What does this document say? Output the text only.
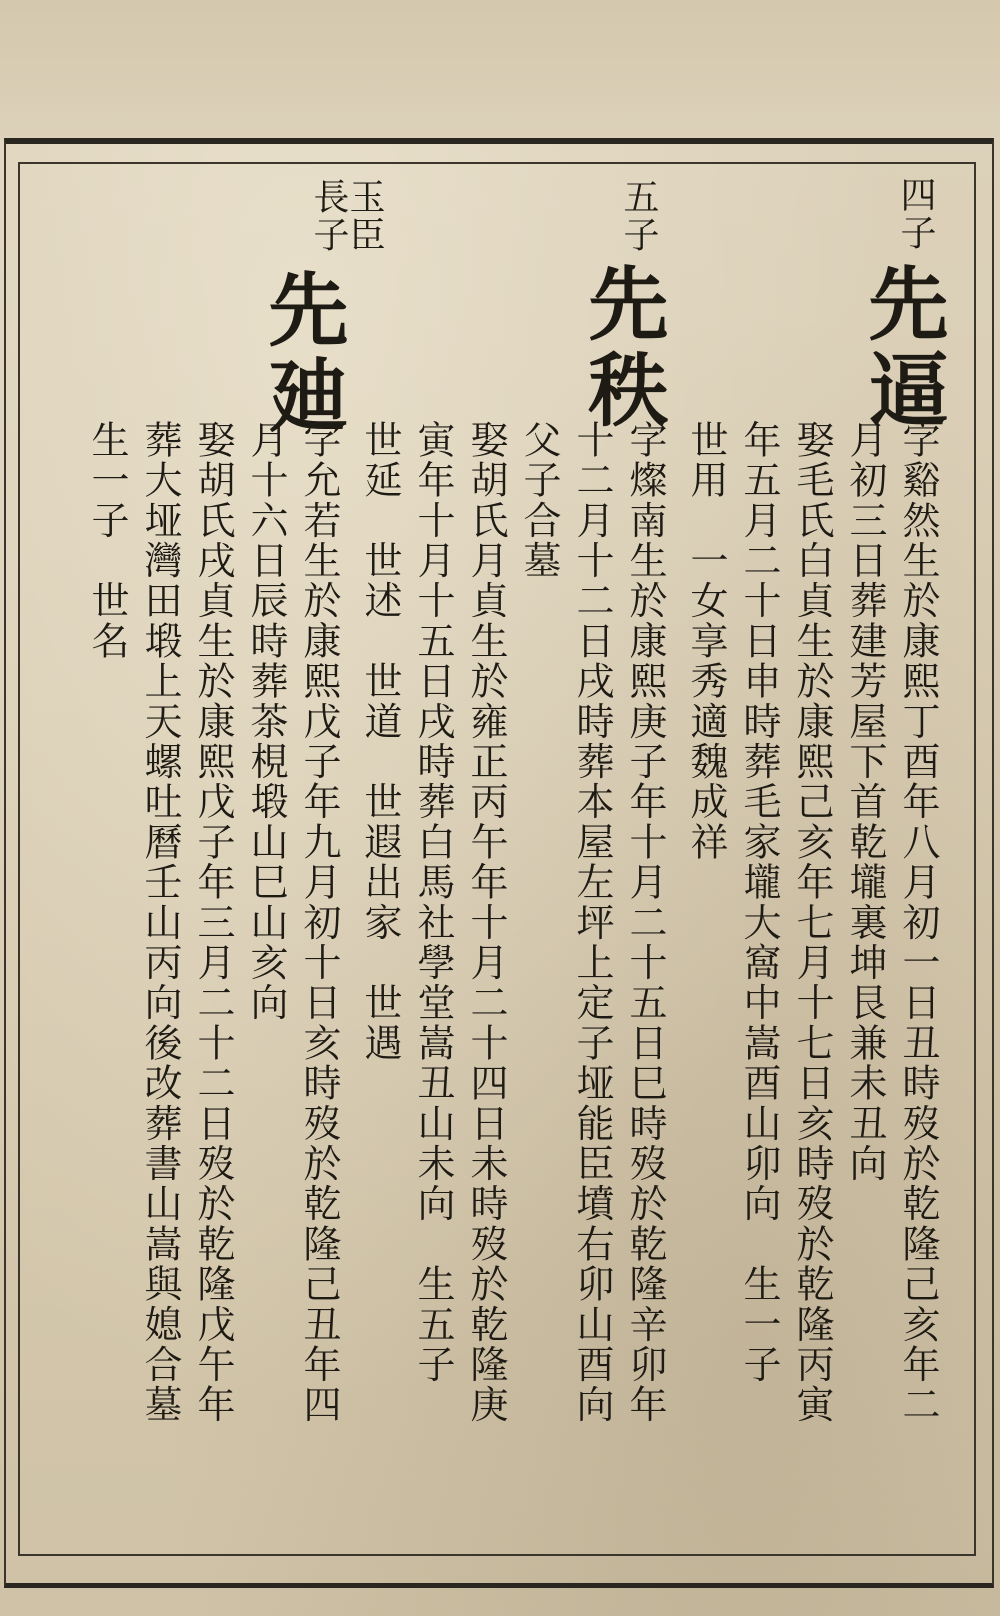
四子
先逼
字谿然生於康熙丁酉年八月初一日丑時歿於乾隆己亥年二
月初三日葬建芳屋下首乾壠裏坤艮兼未丑向
娶毛氏白貞生於康熙己亥年七月十七日亥時歿於乾隆丙寅
年五月二十日申時葬毛家壠大窩中嵩酉山卯向　生一子
世用　一女享秀適魏成祥
五子
先秩
字燦南生於康熙庚子年十月二十五日巳時歿於乾隆辛卯年
十二月十二日戌時葬本屋左坪上定子垭能臣墳右卯山酉向
父子合墓
娶胡氏月貞生於雍正丙午年十月二十四日未時歿於乾隆庚
寅年十月十五日戌時葬白馬社學堂嵩丑山未向　生五子
世延　世述　世道　世遐出家　世遇
玉臣長子
先廸
字允若生於康熙戊子年九月初十日亥時歿於乾隆己丑年四
月十六日辰時葬茶梘塅山巳山亥向
娶胡氏戌貞生於康熙戊子年三月二十二日歿於乾隆戊午年
葬大垭灣田塅上天螺吐曆壬山丙向後改葬書山嵩與媳合墓
生一子　世名
